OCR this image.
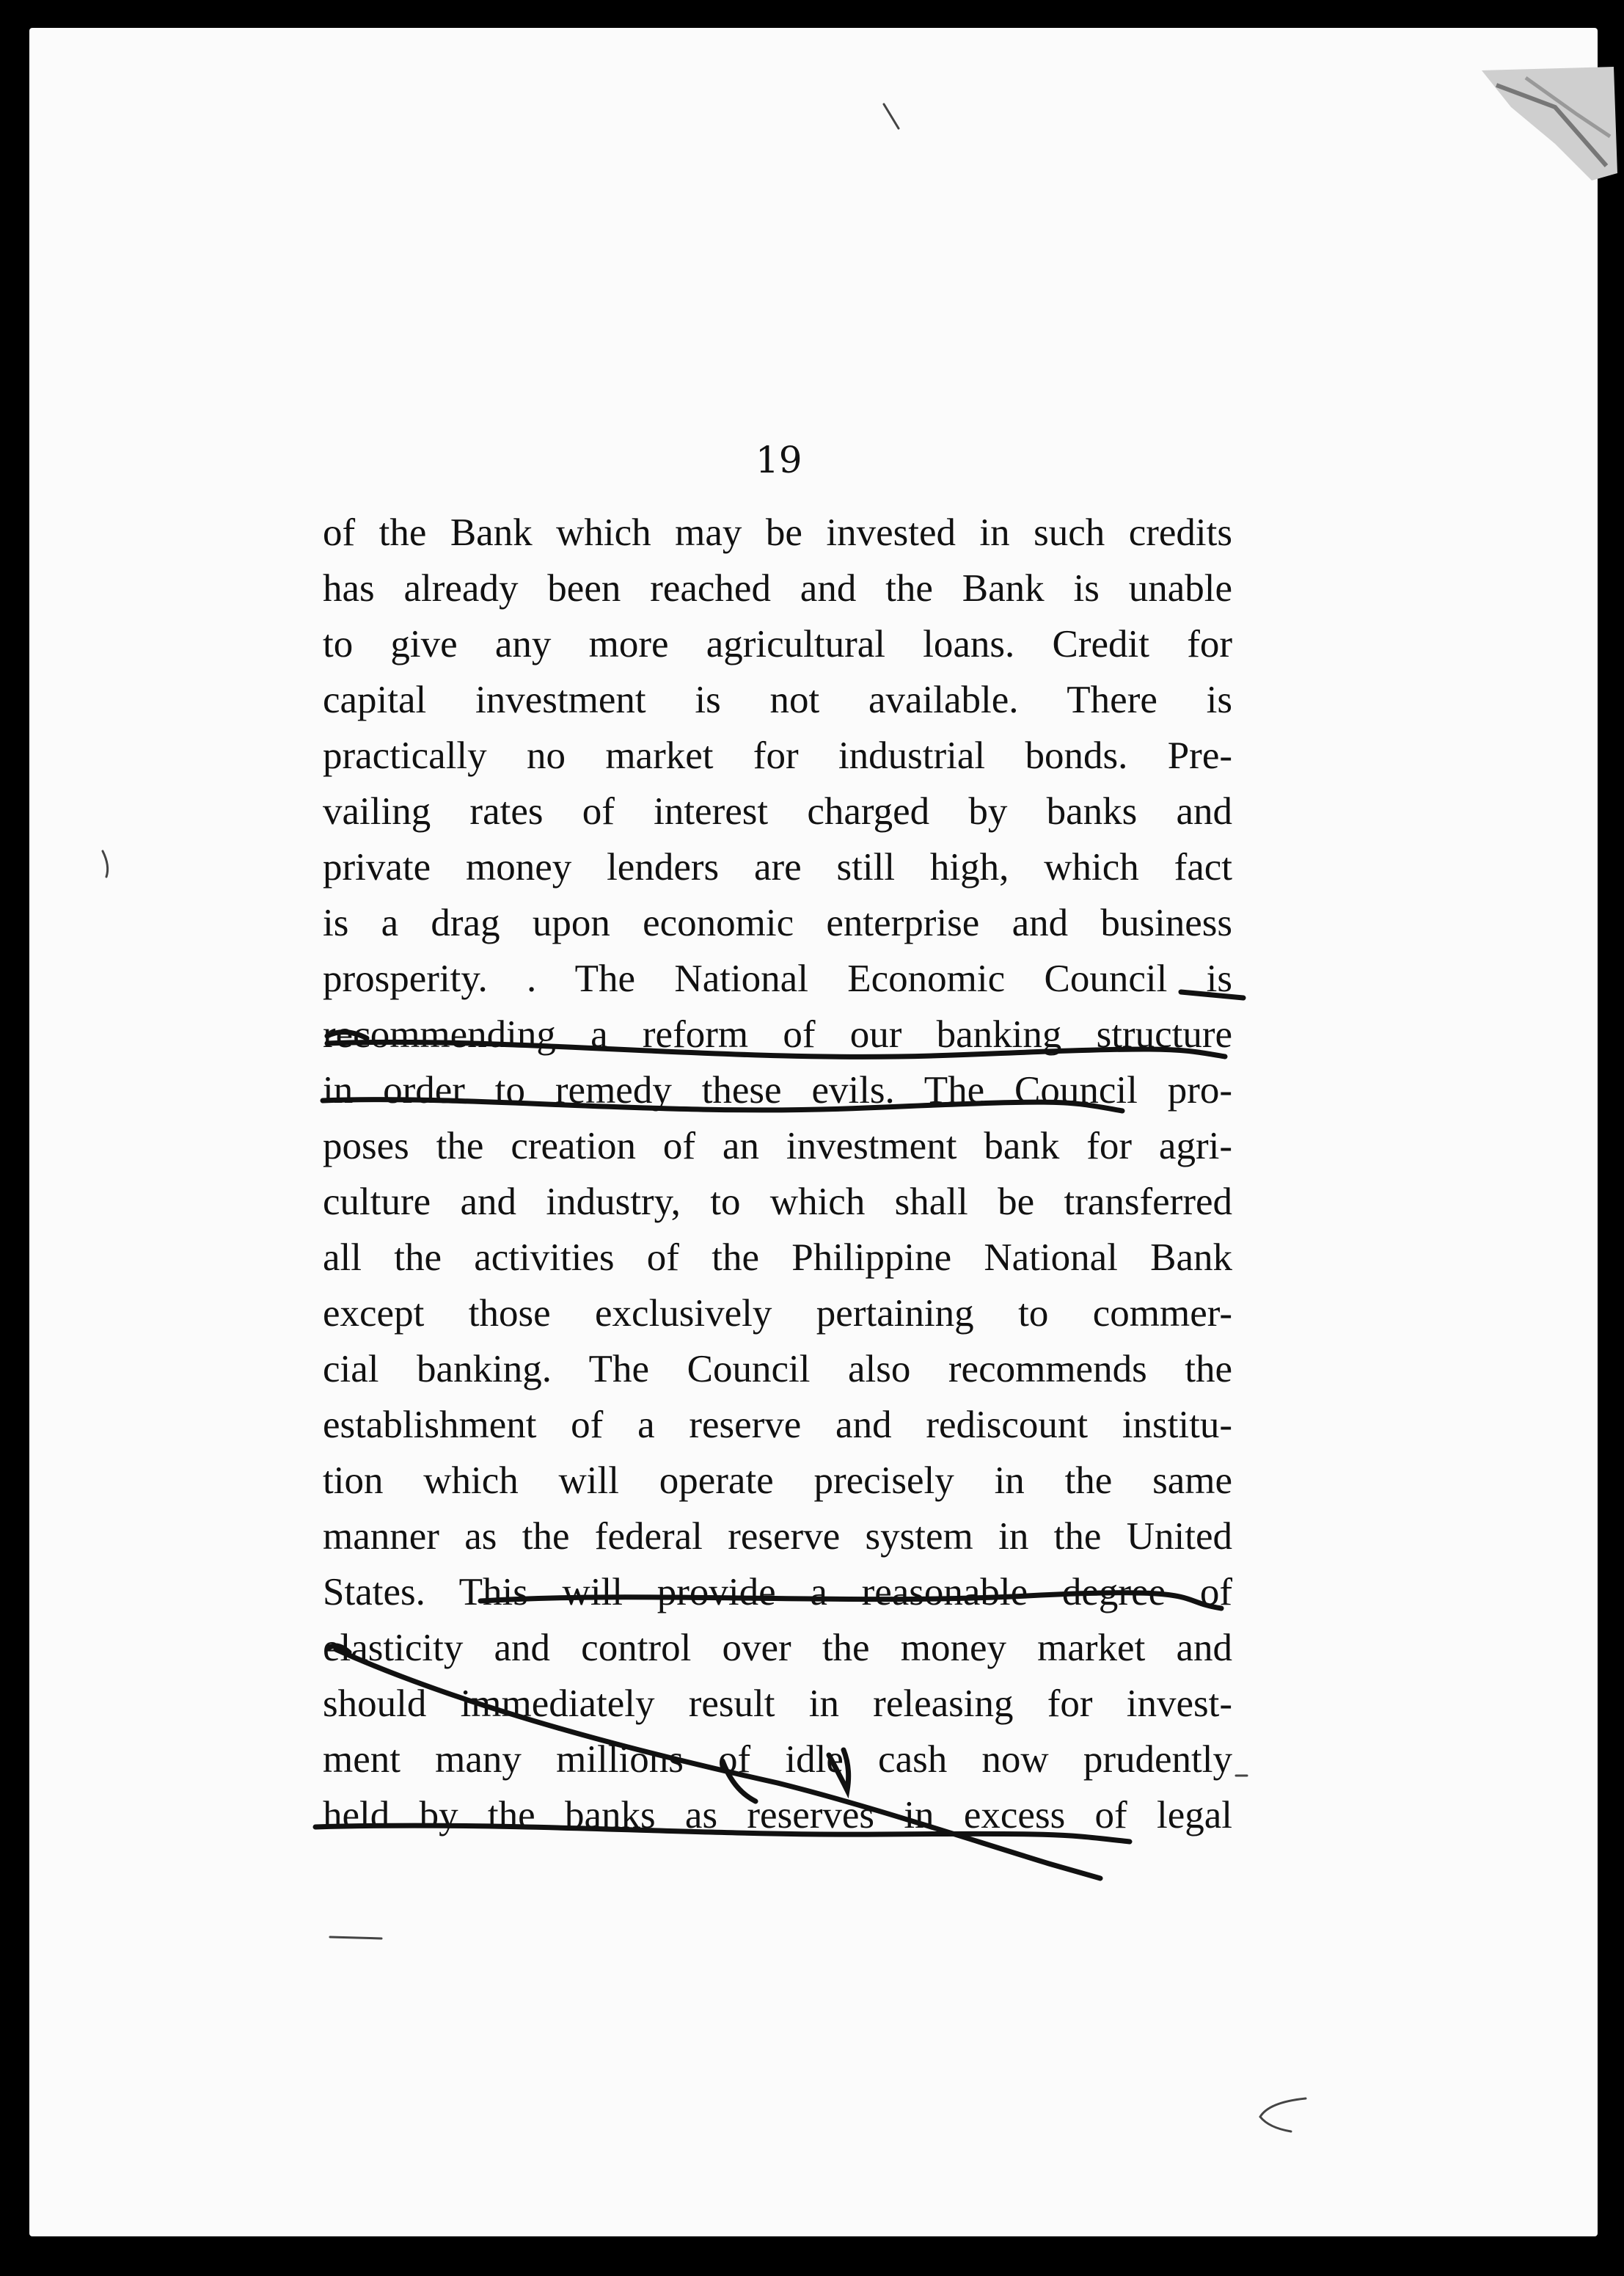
19
of the Bank which may be invested in such credits
has already been reached and the Bank is unable
to give any more agricultural loans. Credit for
capital investment is not available. There is
practically no market for industrial bonds. Pre-
vailing rates of interest charged by banks and
private money lenders are still high, which fact
is a drag upon economic enterprise and business
prosperity. . The National Economic Council is
recommending a reform of our banking structure
in order to remedy these evils. The Council pro-
poses the creation of an investment bank for agri-
culture and industry, to which shall be transferred
all the activities of the Philippine National Bank
except those exclusively pertaining to commer-
cial banking. The Council also recommends the
establishment of a reserve and rediscount institu-
tion which will operate precisely in the same
manner as the federal reserve system in the United
States. This will provide a reasonable degree of
elasticity and control over the money market and
should immediately result in releasing for invest-
ment many millions of idle cash now prudently
held by the banks as reserves in excess of legal
